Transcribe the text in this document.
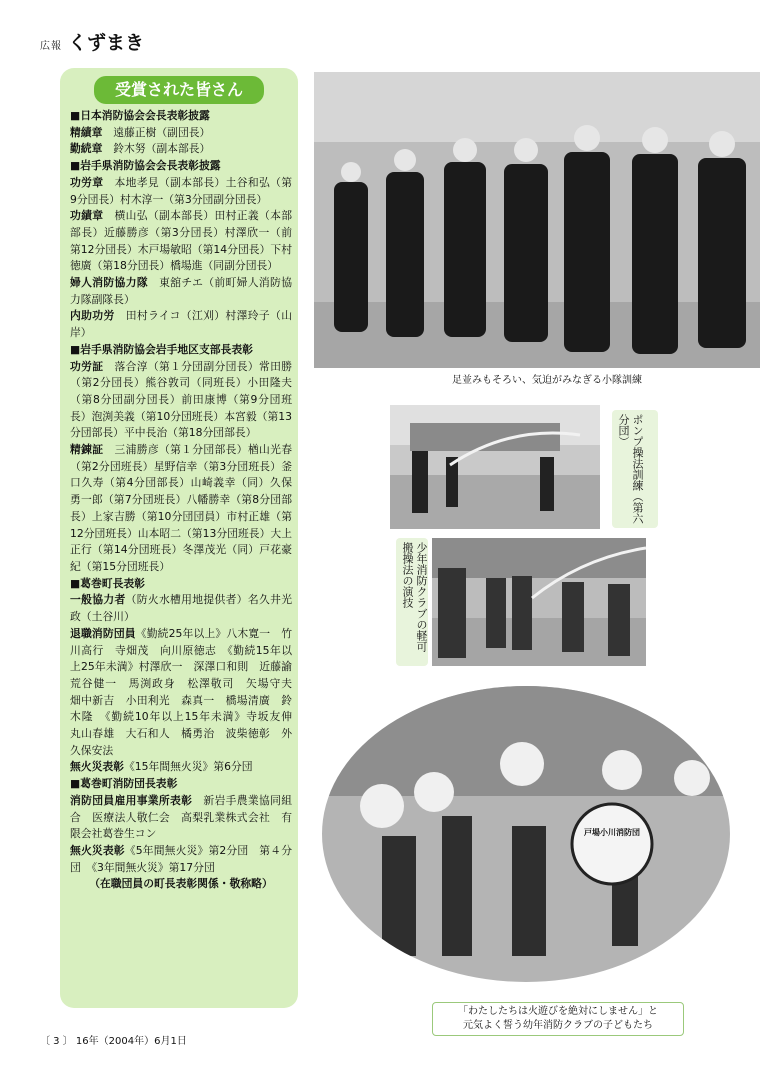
広報 くずまき
受賞された皆さん
■日本消防協会会長表彰披露
精績章　 遠藤正樹（副団長）
勤続章　 鈴木努（副本部長）
■岩手県消防協会会長表彰披露
功労章　 本地孝見（副本部長）土谷和弘（第9分団長）村木淳一（第3分団副分団長）
功績章　 横山弘（副本部長）田村正義（本部部長）近藤勝彦（第3分団長）村澤欣一（前第12分団長）木戸場敏昭（第14分団長）下村徳廣（第18分団長）橋場進（同副分団長）
婦人消防協力隊　 東舘チエ（前町婦人消防協力隊副隊長）
内助功労　 田村ライコ（江刈）村澤玲子（山岸）
■岩手県消防協会岩手地区支部長表彰
功労証　 落合淳（第１分団副分団長）常田勝（第2分団長）熊谷敦司（同班長）小田隆夫（第8分団副分団長）前田康博（第9分団班長）泡渕美義（第10分団班長）本宮毅（第13分団部長）平中長治（第18分団部長）
精錬証　 三浦勝彦（第１分団部長）楢山光春（第2分団班長）星野信幸（第3分団班長）釜口久寿（第4分団部長）山崎義幸（同）久保勇一郎（第7分団班長）八幡勝幸（第8分団部長）上家吉勝（第10分団団員）市村正雄（第12分団班長）山本昭二（第13分団班長）大上正行（第14分団班長）冬澤茂光（同）戸花豪紀（第15分団班長）
■葛巻町長表彰
一般協力者（防火水槽用地提供者）名久井光政（土谷川）
退職消防団員《勤続25年以上》八木寛一　竹川高行　寺畑茂　向川原徳志　《勤続15年以上25年未満》村澤欣一　深澤口和則　近藤諭　荒谷健一　馬渕政身　松澤敬司　矢場守夫　畑中新吉　小田利光　森真一　橋場清廣　鈴木隆　《勤続10年以上15年未満》寺坂友伸　丸山春雄　大石和人　橘勇治　波柴徳彰　外久保安法
無火災表彰《15年間無火災》第6分団
■葛巻町消防団長表彰
消防団員雇用事業所表彰　 新岩手農業協同組合　医療法人敬仁会　高梨乳業株式会社　有限会社葛巻生コン
無火災表彰《5年間無火災》第2分団　第４分団　《3年間無火災》第17分団
（在職団員の町長表彰関係・敬称略）
足並みもそろい、気迫がみなぎる小隊訓練
ポンプ操法訓練（第六分団）
少年消防クラブの軽可搬操法の演技
戸場小川消防団
「わたしたちは火遊びを絶対にしません」と
元気よく誓う幼年消防クラブの子どもたち
〔 3 〕 16年（2004年）6月1日
